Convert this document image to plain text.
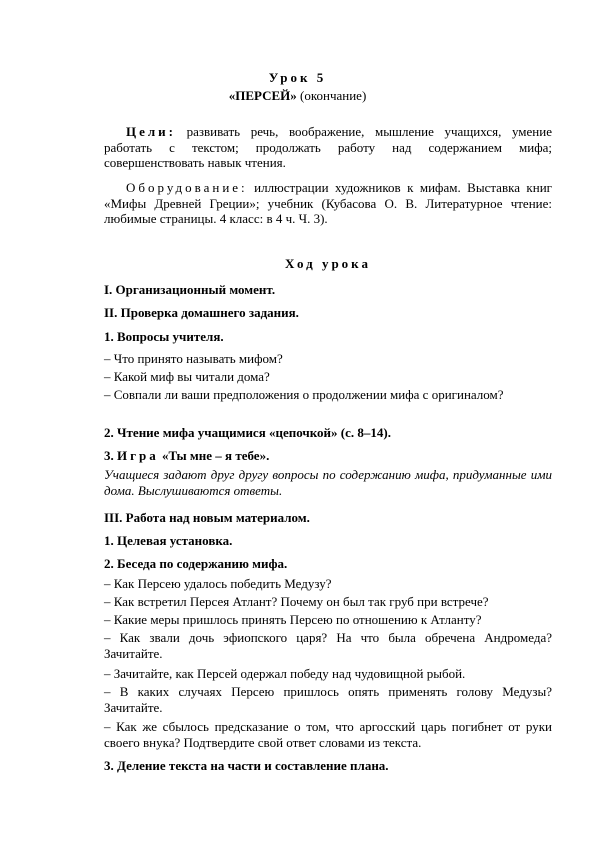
Урок 5
«ПЕРСЕЙ» (окончание)

Цели: развивать речь, воображение, мышление учащихся, умение работать с текстом; продолжать работу над содержанием мифа; совершенствовать навык чтения.

Оборудование: иллюстрации художников к мифам. Выставка книг «Мифы Древней Греции»; учебник (Кубасова О. В. Литературное чтение: любимые страницы. 4 класс: в 4 ч. Ч. 3).

Ход урока

I. Организационный момент.

II. Проверка домашнего задания.

1. Вопросы учителя.

– Что принято называть мифом?

– Какой миф вы читали дома?

– Совпали ли ваши предположения о продолжении мифа с оригиналом?

2. Чтение мифа учащимися «цепочкой» (с. 8–14).

3. Игра «Ты мне – я тебе».

Учащиеся задают друг другу вопросы по содержанию мифа, придуманные ими дома. Выслушиваются ответы.

III. Работа над новым материалом.

1. Целевая установка.

2. Беседа по содержанию мифа.

– Как Персею удалось победить Медузу?

– Как встретил Персея Атлант? Почему он был так груб при встрече?

– Какие меры пришлось принять Персею по отношению к Атланту?

– Как звали дочь эфиопского царя? На что была обречена Андромеда? Зачитайте.

– Зачитайте, как Персей одержал победу над чудовищной рыбой.

– В каких случаях Персею пришлось опять применять голову Медузы? Зачитайте.

– Как же сбылось предсказание о том, что аргосский царь погибнет от руки своего внука? Подтвердите свой ответ словами из текста.

3. Деление текста на части и составление плана.
